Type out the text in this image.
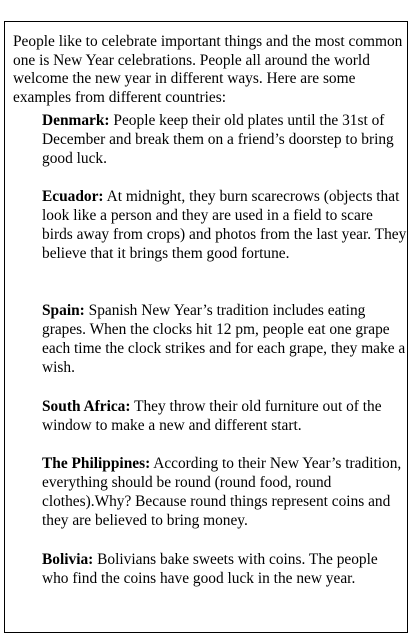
People like to celebrate important things and the most common one is New Year celebrations. People all around the world welcome the new year in different ways. Here are some examples from different countries:

Denmark: People keep their old plates until the 31st of December and break them on a friend’s doorstep to bring good luck.

Ecuador: At midnight, they burn scarecrows (objects that look like a person and they are used in a field to scare birds away from crops) and photos from the last year. They believe that it brings them good fortune.

Spain: Spanish New Year’s tradition includes eating grapes. When the clocks hit 12 pm, people eat one grape each time the clock strikes and for each grape, they make a wish.

South Africa: They throw their old furniture out of the window to make a new and different start.

The Philippines: According to their New Year’s tradition, everything should be round (round food, round clothes).Why? Because round things represent coins and they are believed to bring money.

Bolivia: Bolivians bake sweets with coins. The people who find the coins have good luck in the new year.
